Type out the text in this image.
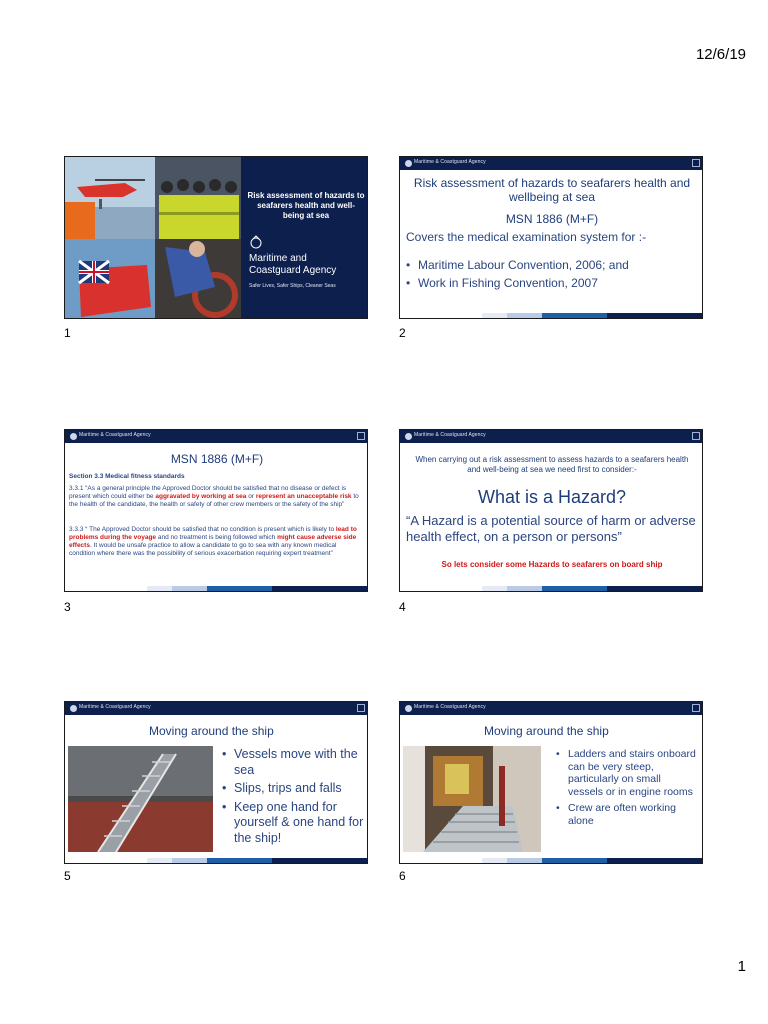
12/6/19
Risk assessment of hazards to seafarers health and well-being at sea
Maritime and
Coastguard Agency
Safer Lives, Safer Ships, Cleaner Seas
1
Maritime & Coastguard Agency
Risk assessment of hazards to seafarers health and wellbeing at sea
MSN 1886 (M+F)
Covers the medical examination system for :-
• Maritime Labour Convention, 2006; and
• Work in Fishing Convention, 2007
2
Maritime & Coastguard Agency
MSN 1886 (M+F)
Section 3.3 Medical fitness standards
3.3.1 “As a general principle the Approved Doctor should be satisfied that no disease or defect is present which could either be aggravated by working at sea or represent an unacceptable risk to the health of the candidate, the health or safety of other crew members or the safety of the ship”
3.3.3 “ The Approved Doctor should be satisfied that no condition is present which is likely to lead to problems during the voyage and no treatment is being followed which might cause adverse side effects. It would be unsafe practice to allow a candidate to go to sea with any known medical condition where there was the possibility of serious exacerbation requiring expert treatment”
3
Maritime & Coastguard Agency
When carrying out a risk assessment to assess hazards to a seafarers health and well-being at sea we need first to consider:-
What is a Hazard?
“A Hazard is a potential source of harm or adverse health effect, on a person or persons”
So lets consider some Hazards to seafarers on board ship
4
Maritime & Coastguard Agency
Moving around the ship
• Vessels move with the sea
• Slips, trips and falls
• Keep one hand for yourself & one hand for the ship!
5
Maritime & Coastguard Agency
Moving around the ship
• Ladders and stairs onboard can be very steep, particularly on small vessels or in engine rooms
• Crew are often working alone
6
1
